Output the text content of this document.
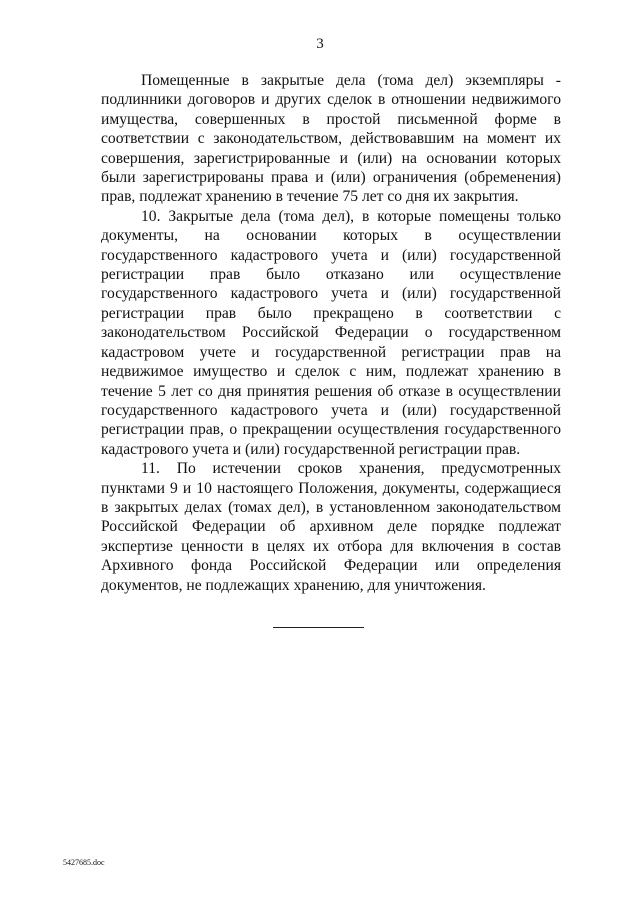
3

Помещенные в закрытые дела (тома дел) экземпляры - подлинники договоров и других сделок в отношении недвижимого имущества, совершенных в простой письменной форме в соответствии с законодательством, действовавшим на момент их совершения, зарегистрированные и (или) на основании которых были зарегистрированы права и (или) ограничения (обременения) прав, подлежат хранению в течение 75 лет со дня их закрытия.

10. Закрытые дела (тома дел), в которые помещены только документы, на основании которых в осуществлении государственного кадастрового учета и (или) государственной регистрации прав было отказано или осуществление государственного кадастрового учета и (или) государственной регистрации прав было прекращено в соответствии с законодательством Российской Федерации о государственном кадастровом учете и государственной регистрации прав на недвижимое имущество и сделок с ним, подлежат хранению в течение 5 лет со дня принятия решения об отказе в осуществлении государственного кадастрового учета и (или) государственной регистрации прав, о прекращении осуществления государственного кадастрового учета и (или) государственной регистрации прав.

11. По истечении сроков хранения, предусмотренных пунктами 9 и 10 настоящего Положения, документы, содержащиеся в закрытых делах (томах дел), в установленном законодательством Российской Федерации об архивном деле порядке подлежат экспертизе ценности в целях их отбора для включения в состав Архивного фонда Российской Федерации или определения документов, не подлежащих хранению, для уничтожения.

5427685.doc
